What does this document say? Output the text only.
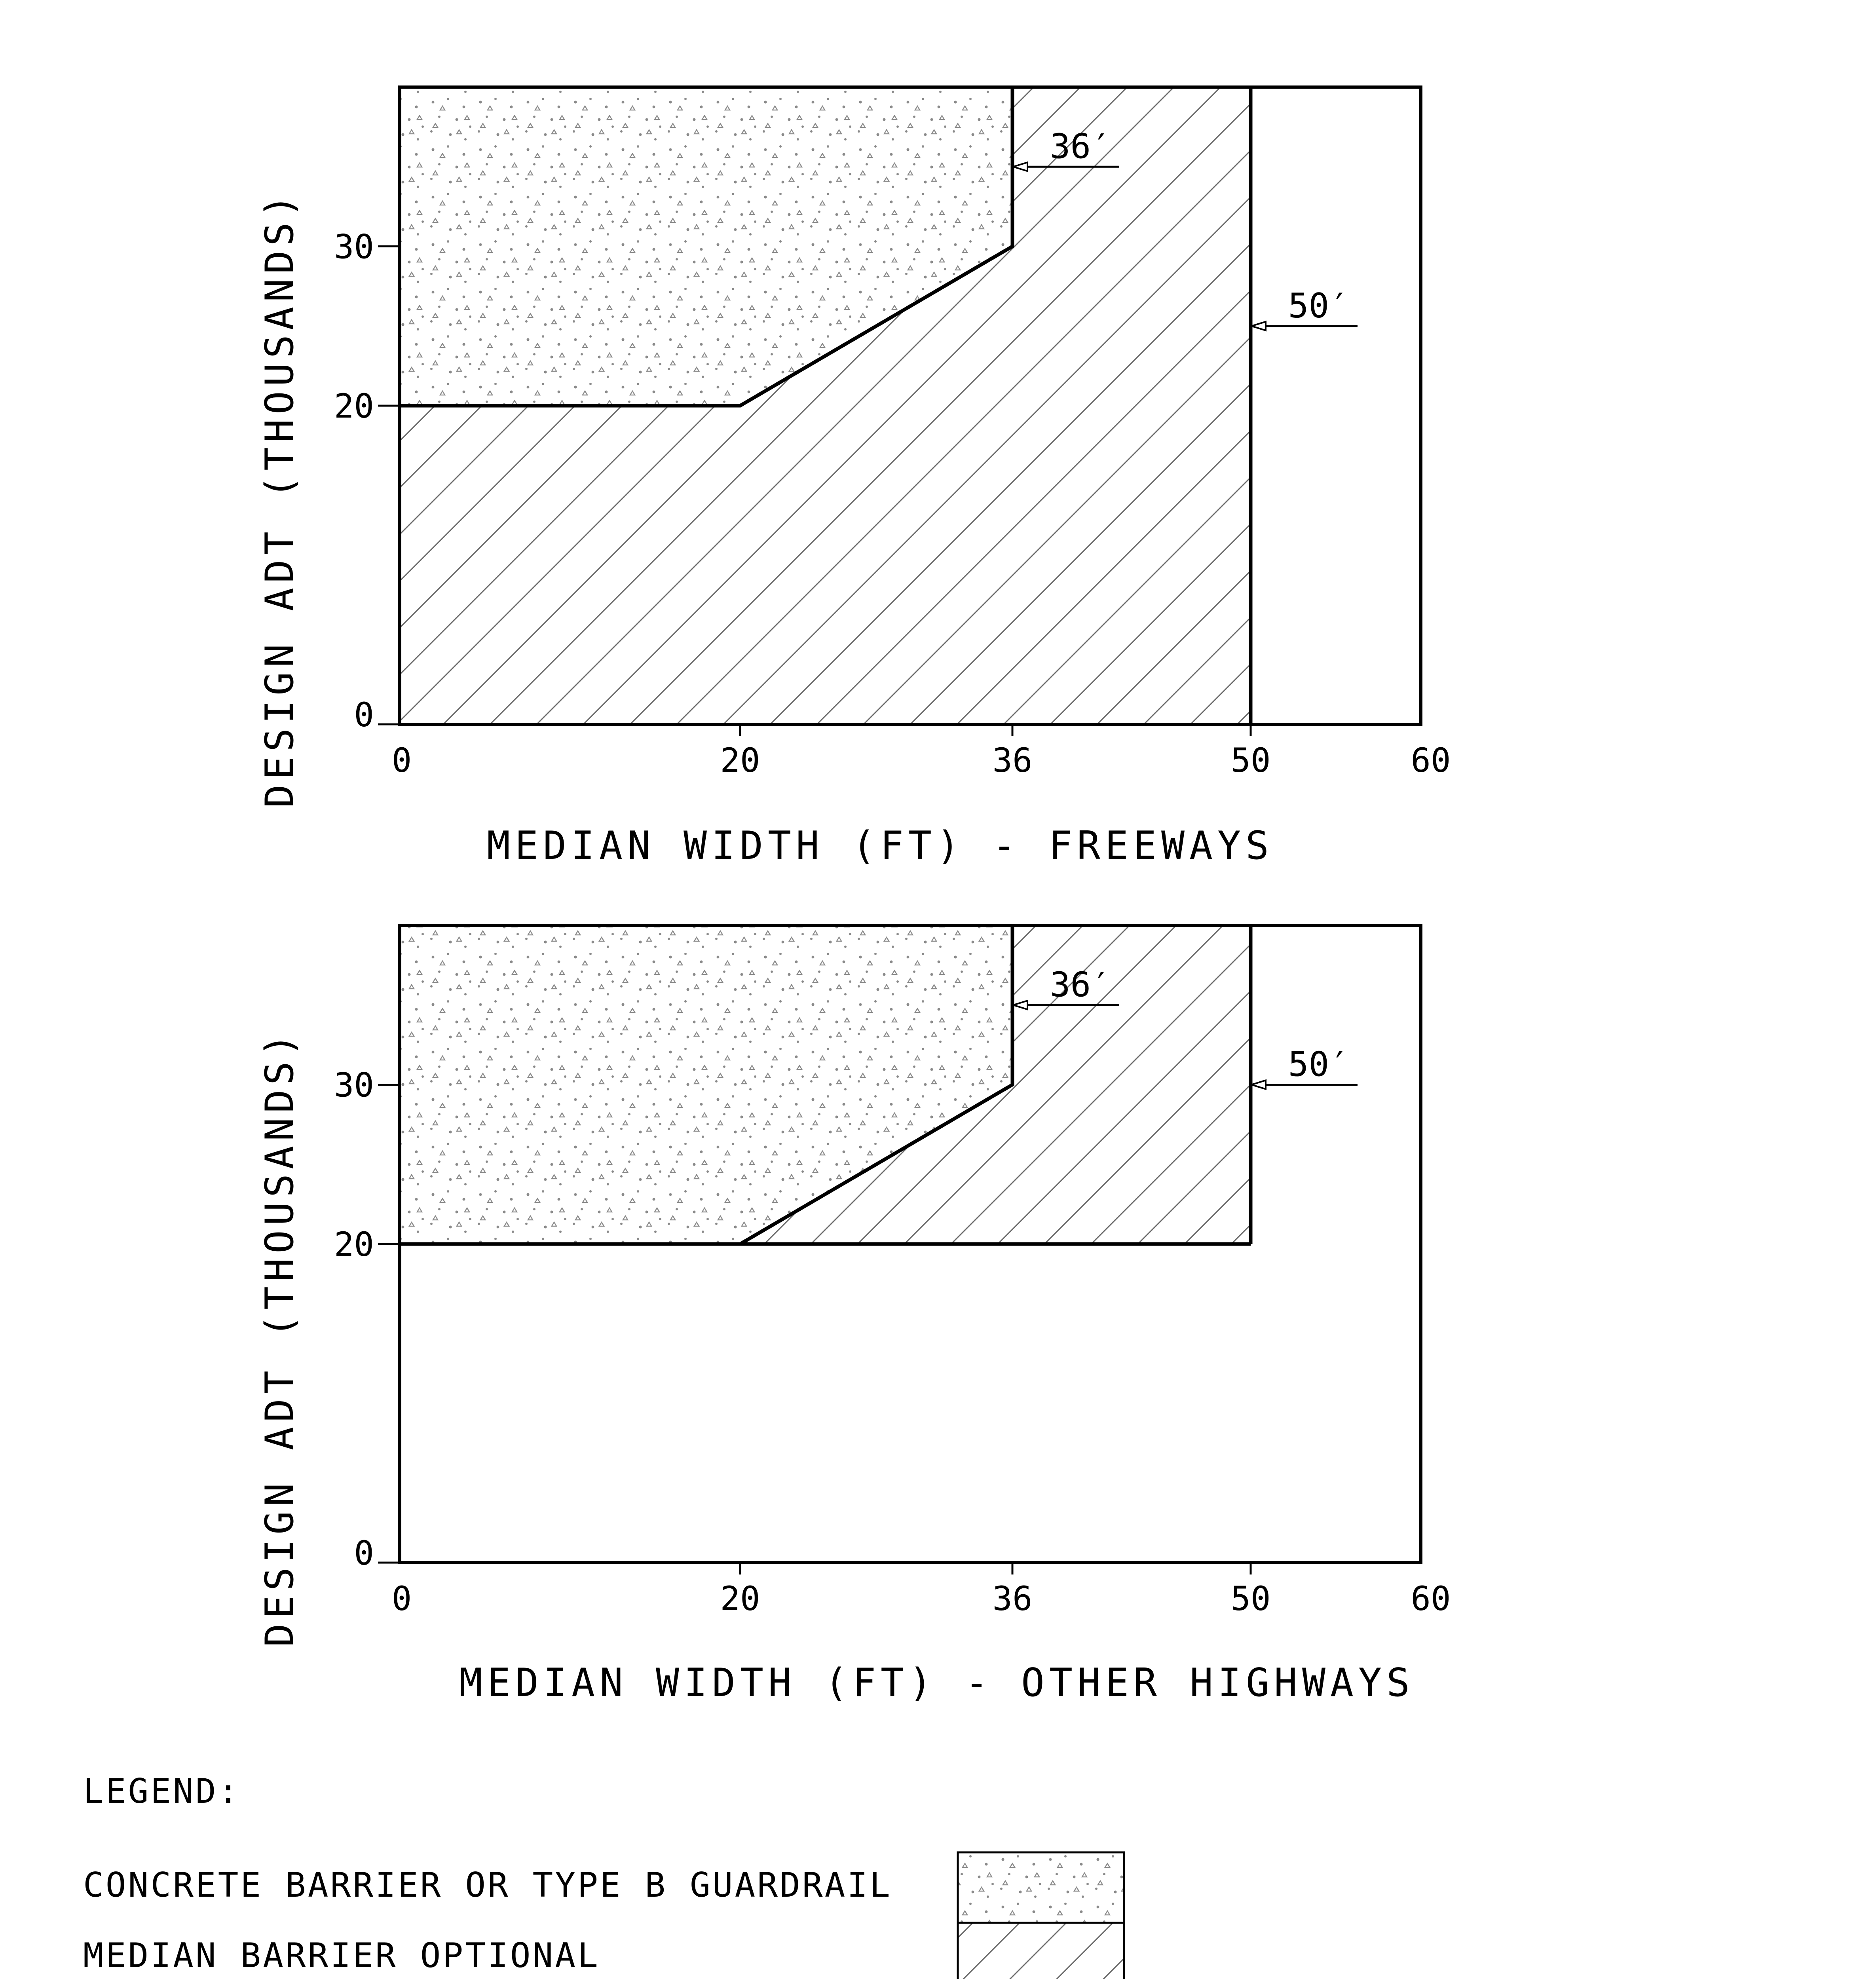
0
20
30
0	20	36	50	60
DESIGN ADT (THOUSANDS)
MEDIAN WIDTH (FT) - FREEWAYS
36′
50′
0
20
30
0	20	36	50	60
DESIGN ADT (THOUSANDS)
MEDIAN WIDTH (FT) - OTHER HIGHWAYS
36′
50′
LEGEND:
CONCRETE BARRIER OR TYPE B GUARDRAIL
MEDIAN BARRIER OPTIONAL
